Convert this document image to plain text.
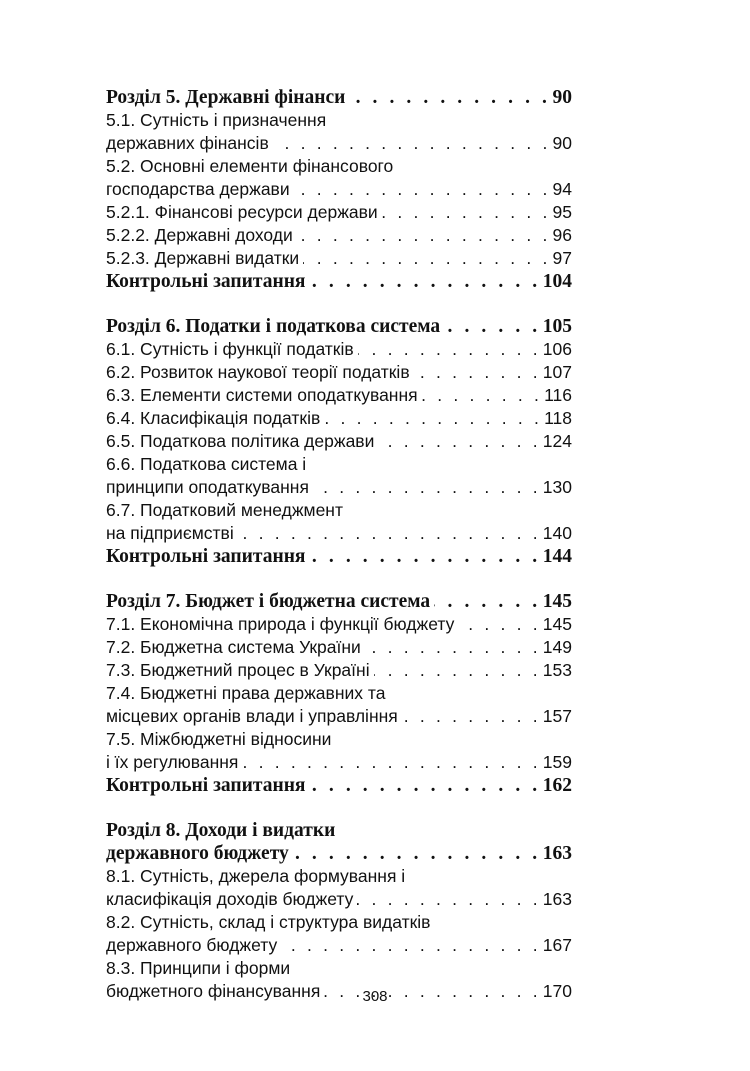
Розділ 5. Державні фінанси . . .	90
5.1. Сутність і призначення
державних фінансів . . .	90
5.2. Основні елементи фінансового
господарства держави . . .	94
5.2.1. Фінансові ресурси держави . . .	95
5.2.2. Державні доходи . . .	96
5.2.3. Державні видатки . . .	97
Контрольні запитання . . .	104
Розділ 6. Податки і податкова система . . .	105
6.1. Сутність і функції податків . . .	106
6.2. Розвиток наукової теорії податків . . .	107
6.3. Елементи системи оподаткування . . .	116
6.4. Класифікація податків . . .	118
6.5. Податкова політика держави . . .	124
6.6. Податкова система і
принципи оподаткування . . .	130
6.7. Податковий менеджмент
на підприємстві . . .	140
Контрольні запитання . . .	144
Розділ 7. Бюджет і бюджетна система . . .	145
7.1. Економічна природа і функції бюджету . . .	145
7.2. Бюджетна система України . . .	149
7.3. Бюджетний процес в Україні . . .	153
7.4. Бюджетні права державних та
місцевих органів влади і управління . . .	157
7.5. Міжбюджетні відносини
і їх регулювання . . .	159
Контрольні запитання . . .	162
Розділ 8. Доходи і видатки
державного бюджету . . .	163
8.1. Сутність, джерела формування і
класифікація доходів бюджету . . .	163
8.2. Сутність, склад і структура видатків
державного бюджету . . .	167
8.3. Принципи і форми
бюджетного фінансування . . .	170
308
